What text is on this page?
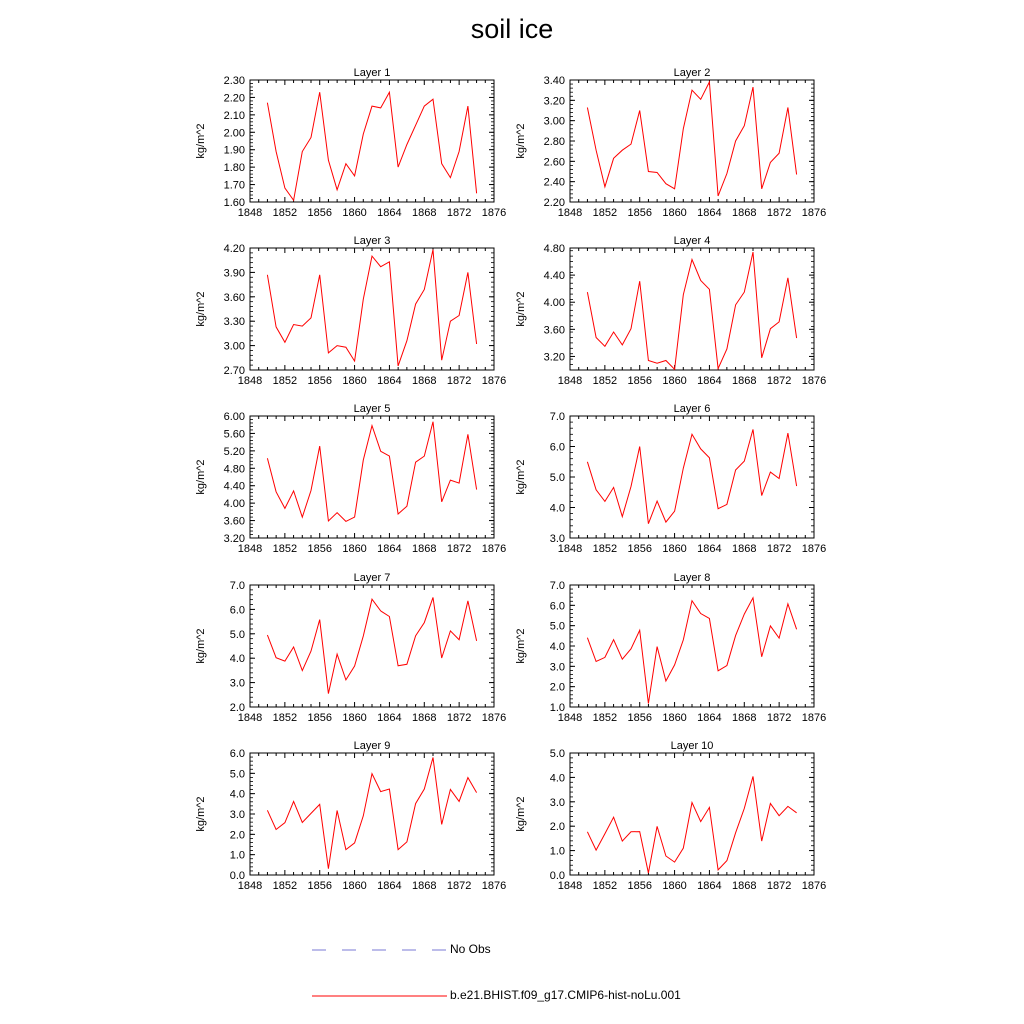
soil ice
Layer 1
kg/m^2
1848 1852 1856 1860 1864 1868 1872 1876
1.60
1.70
1.80
1.90
2.00
2.10
2.20
2.30
Layer 2
kg/m^2
1848 1852 1856 1860 1864 1868 1872 1876
2.20
2.40
2.60
2.80
3.00
3.20
3.40
Layer 3
kg/m^2
1848 1852 1856 1860 1864 1868 1872 1876
2.70
3.00
3.30
3.60
3.90
4.20
Layer 4
kg/m^2
1848 1852 1856 1860 1864 1868 1872 1876
3.20
3.60
4.00
4.40
4.80
Layer 5
kg/m^2
1848 1852 1856 1860 1864 1868 1872 1876
3.20
3.60
4.00
4.40
4.80
5.20
5.60
6.00
Layer 6
kg/m^2
1848 1852 1856 1860 1864 1868 1872 1876
3.0
4.0
5.0
6.0
7.0
Layer 7
kg/m^2
1848 1852 1856 1860 1864 1868 1872 1876
2.0
3.0
4.0
5.0
6.0
7.0
Layer 8
kg/m^2
1848 1852 1856 1860 1864 1868 1872 1876
1.0
2.0
3.0
4.0
5.0
6.0
7.0
Layer 9
kg/m^2
1848 1852 1856 1860 1864 1868 1872 1876
0.0
1.0
2.0
3.0
4.0
5.0
6.0
Layer 10
kg/m^2
1848 1852 1856 1860 1864 1868 1872 1876
0.0
1.0
2.0
3.0
4.0
5.0
No Obs
b.e21.BHIST.f09_g17.CMIP6-hist-noLu.001
